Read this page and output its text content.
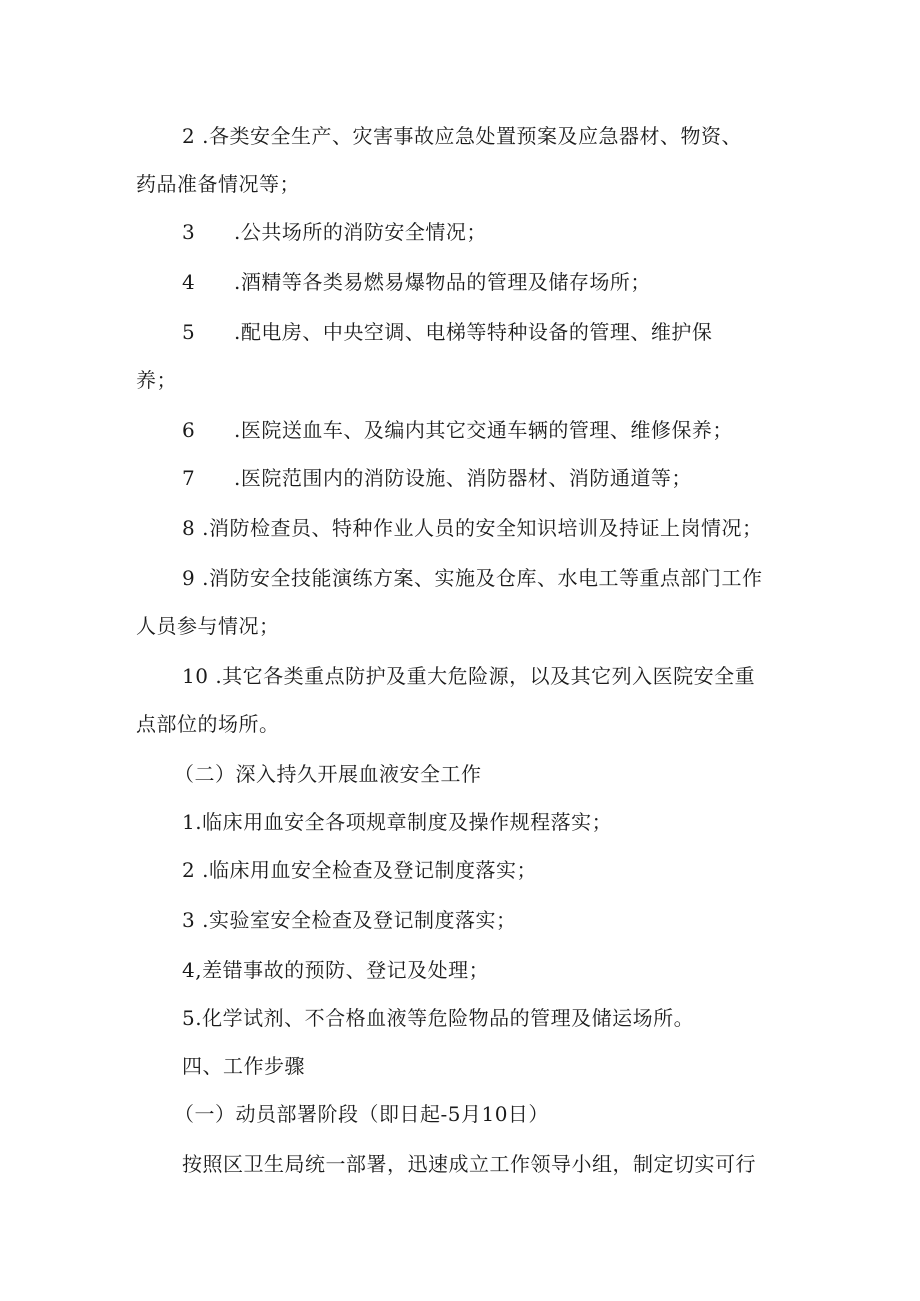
2 .各类安全生产、灾害事故应急处置预案及应急器材、物资、
药品准备情况等；
3 .公共场所的消防安全情况；
4 .酒精等各类易燃易爆物品的管理及储存场所；
5 .配电房、中央空调、电梯等特种设备的管理、维护保
养；
6 .医院送血车、及编内其它交通车辆的管理、维修保养；
7 .医院范围内的消防设施、消防器材、消防通道等；
8 .消防检查员、特种作业人员的安全知识培训及持证上岗情况；
9 .消防安全技能演练方案、实施及仓库、水电工等重点部门工作
人员参与情况；
10 .其它各类重点防护及重大危险源，以及其它列入医院安全重
点部位的场所。
（二）深入持久开展血液安全工作
1.临床用血安全各项规章制度及操作规程落实；
2 .临床用血安全检查及登记制度落实；
3 .实验室安全检查及登记制度落实；
4,差错事故的预防、登记及处理；
5.化学试剂、不合格血液等危险物品的管理及储运场所。
四、工作步骤
（一）动员部署阶段（即日起-5月10日）
按照区卫生局统一部署，迅速成立工作领导小组，制定切实可行
